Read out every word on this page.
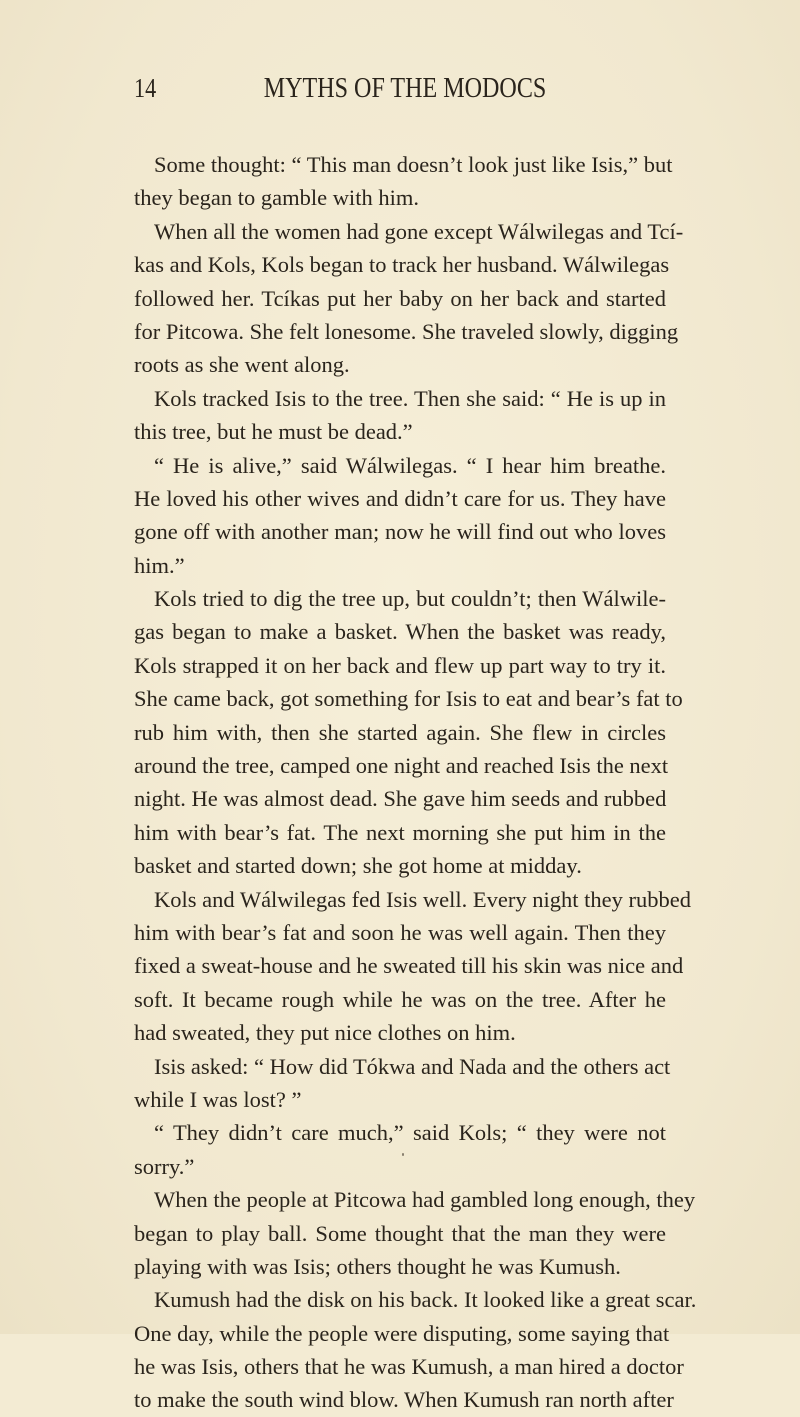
14	MYTHS OF THE MODOCS
Some thought: “ This man doesn’t look just like Isis,” but
they began to gamble with him.
When all the women had gone except Wálwilegas and Tcí-
kas and Kols, Kols began to track her husband. Wálwilegas
followed her. Tcíkas put her baby on her back and started
for Pitcowa. She felt lonesome. She traveled slowly, digging
roots as she went along.
Kols tracked Isis to the tree. Then she said: “ He is up in
this tree, but he must be dead.”
“ He is alive,” said Wálwilegas. “ I hear him breathe.
He loved his other wives and didn’t care for us. They have
gone off with another man; now he will find out who loves
him.”
Kols tried to dig the tree up, but couldn’t; then Wálwile-
gas began to make a basket. When the basket was ready,
Kols strapped it on her back and flew up part way to try it.
She came back, got something for Isis to eat and bear’s fat to
rub him with, then she started again. She flew in circles
around the tree, camped one night and reached Isis the next
night. He was almost dead. She gave him seeds and rubbed
him with bear’s fat. The next morning she put him in the
basket and started down; she got home at midday.
Kols and Wálwilegas fed Isis well. Every night they rubbed
him with bear’s fat and soon he was well again. Then they
fixed a sweat-house and he sweated till his skin was nice and
soft. It became rough while he was on the tree. After he
had sweated, they put nice clothes on him.
Isis asked: “ How did Tókwa and Nada and the others act
while I was lost? ”
“ They didn’t care much,” said Kols; “ they were not
sorry.”
When the people at Pitcowa had gambled long enough, they
began to play ball. Some thought that the man they were
playing with was Isis; others thought he was Kumush.
Kumush had the disk on his back. It looked like a great scar.
One day, while the people were disputing, some saying that
he was Isis, others that he was Kumush, a man hired a doctor
to make the south wind blow. When Kumush ran north after
